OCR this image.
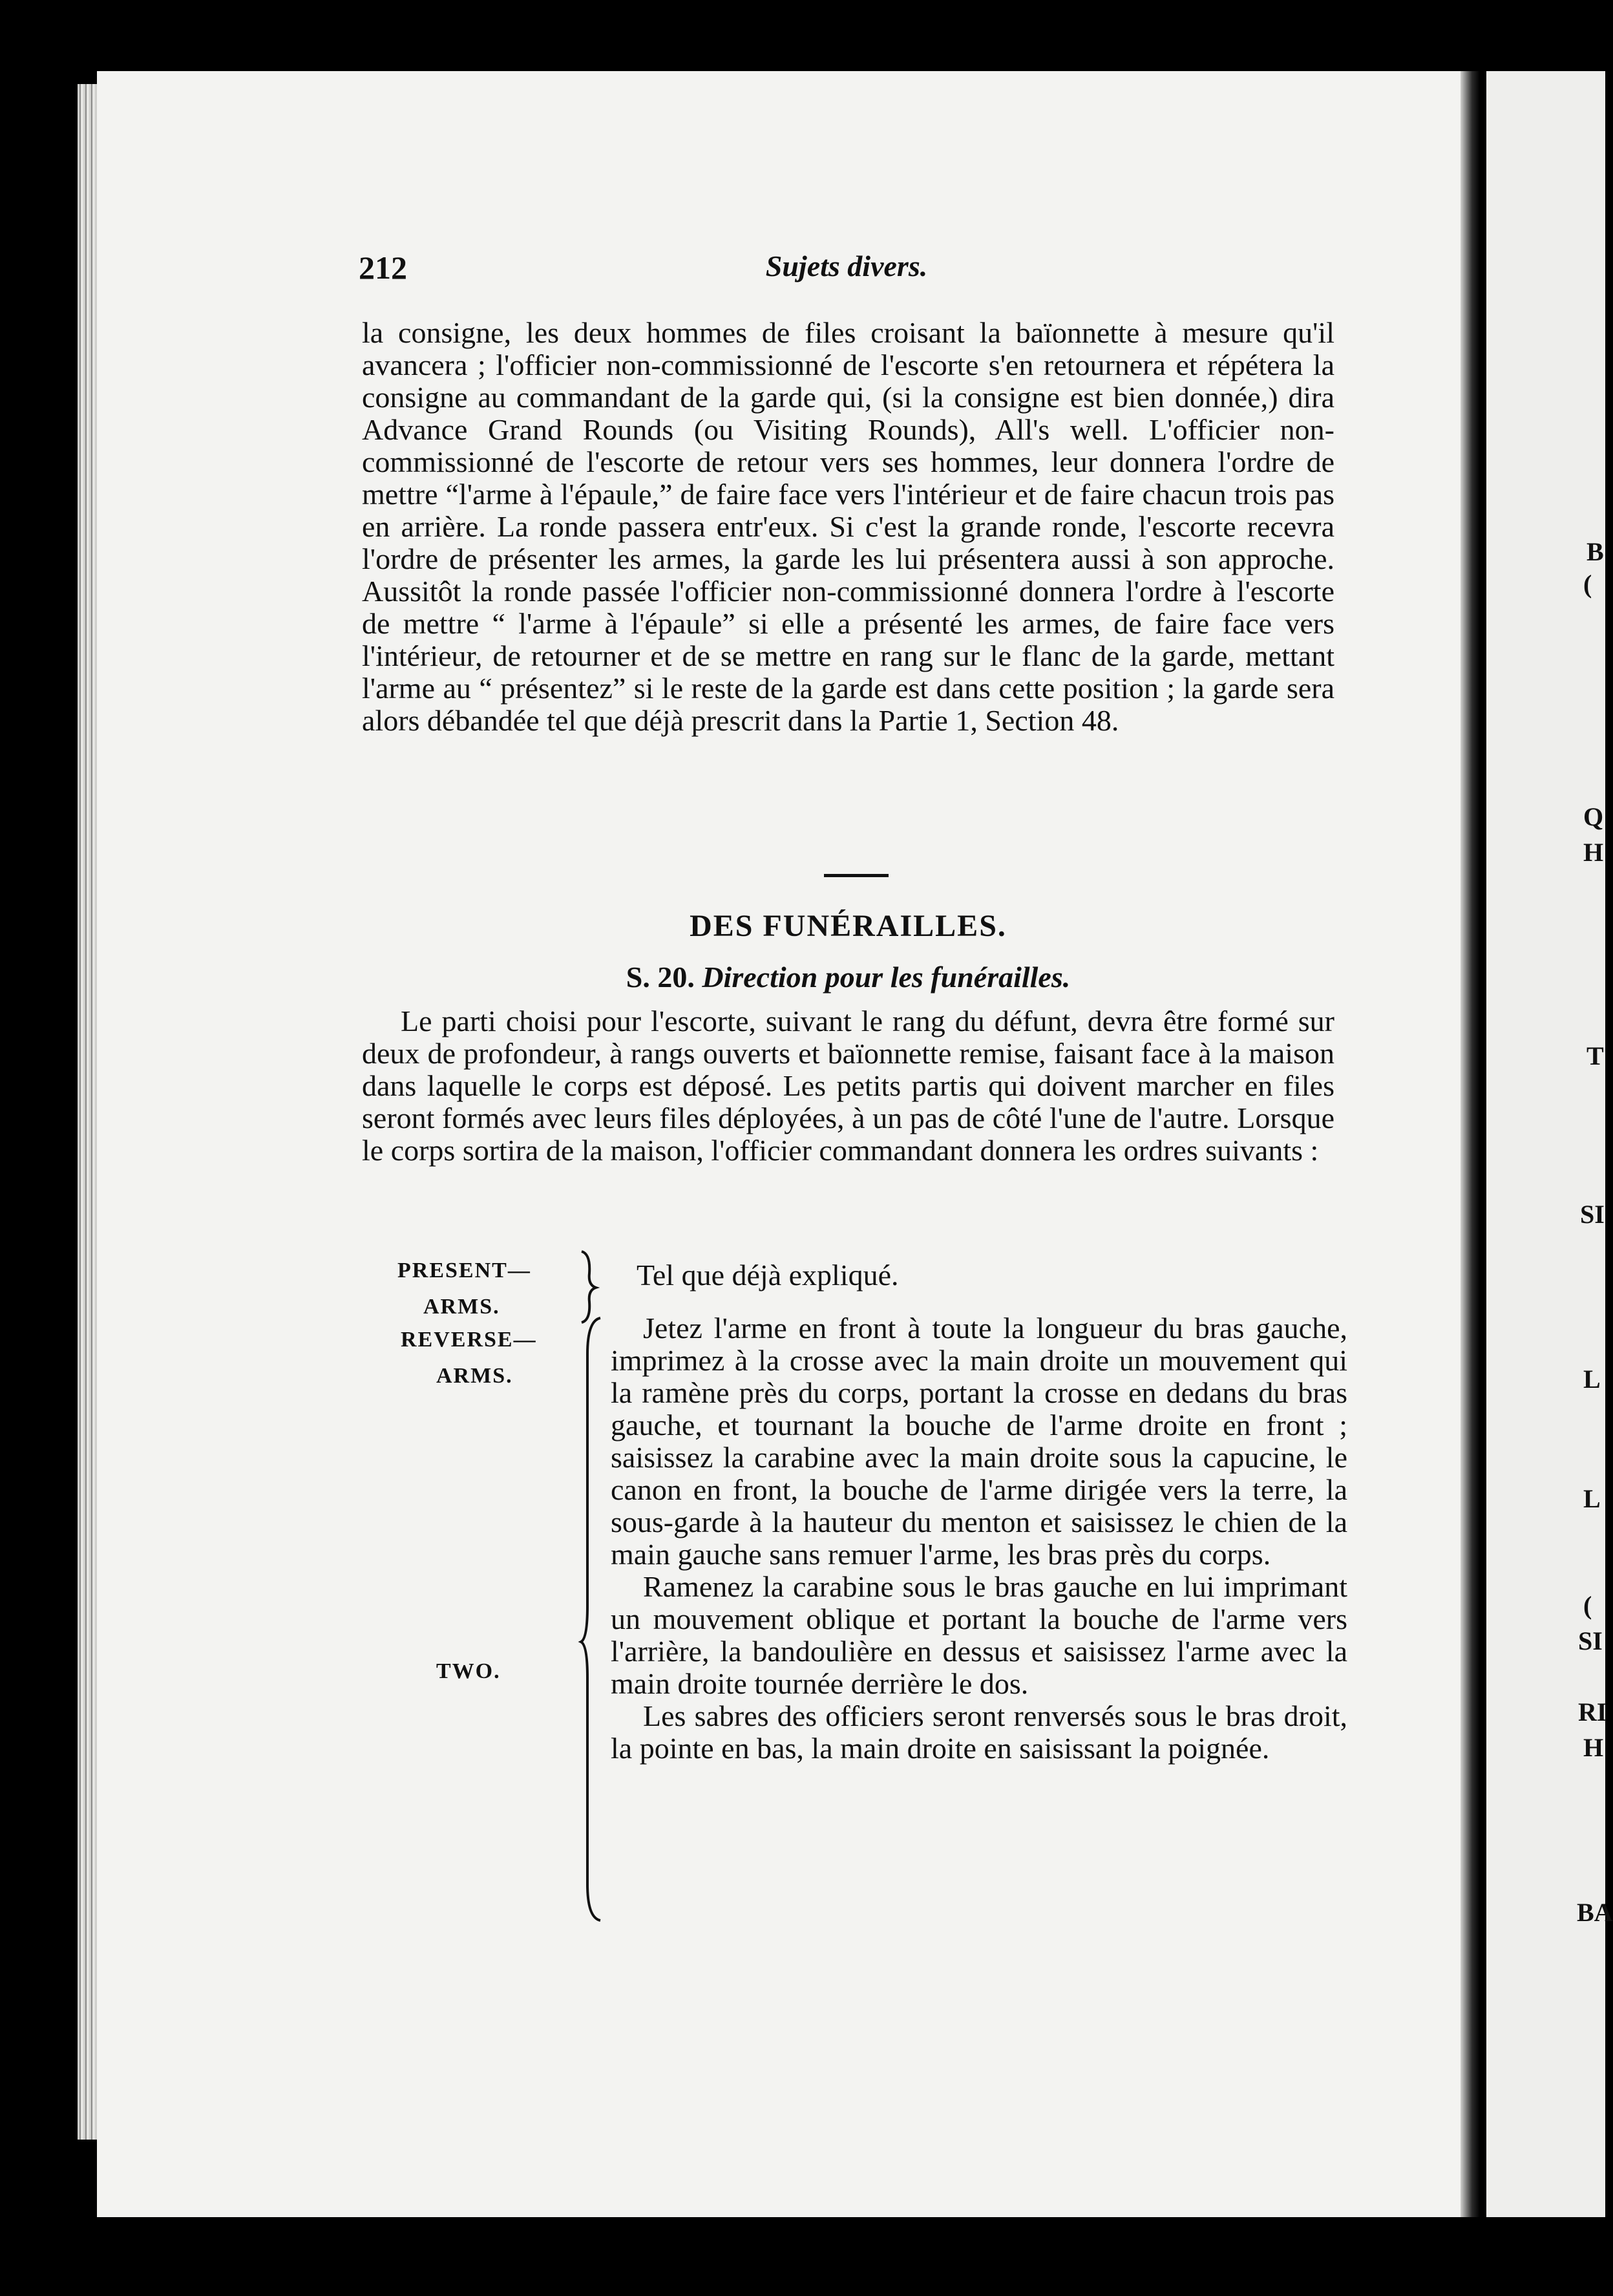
B
(
Q
H
T
SI
L
L
(
SI
RI
H
BA
212	Sujets divers.
la consigne, les deux hommes de files croisant la baïonnette à mesure qu'il avancera ; l'officier non-commissionné de l'escorte s'en retournera et répétera la consigne au commandant de la garde qui, (si la consigne est bien donnée,) dira Advance Grand Rounds (ou Visiting Rounds), All's well. L'officier non-commissionné de l'escorte de retour vers ses hommes, leur donnera l'ordre de mettre “l'arme à l'épaule,” de faire face vers l'intérieur et de faire chacun trois pas en arrière. La ronde passera entr'eux. Si c'est la grande ronde, l'escorte recevra l'ordre de présenter les armes, la garde les lui présentera aussi à son approche. Aussitôt la ronde passée l'officier non-commissionné donnera l'ordre à l'escorte de mettre “ l'arme à l'épaule” si elle a présenté les armes, de faire face vers l'intérieur, de retourner et de se mettre en rang sur le flanc de la garde, mettant l'arme au “ présentez” si le reste de la garde est dans cette position ; la garde sera alors débandée tel que déjà prescrit dans la Partie 1, Section 48.
DES FUNÉRAILLES.
S. 20. Direction pour les funérailles.
Le parti choisi pour l'escorte, suivant le rang du défunt, devra être formé sur deux de profondeur, à rangs ouverts et baïonnette remise, faisant face à la maison dans laquelle le corps est déposé. Les petits partis qui doivent marcher en files seront formés avec leurs files déployées, à un pas de côté l'une de l'autre. Lorsque le corps sortira de la maison, l'officier commandant donnera les ordres suivants :
PRESENT—
ARMS.

Tel que déjà expliqué.

REVERSE—
ARMS.
TWO.

Jetez l'arme en front à toute la longueur du bras gauche, imprimez à la crosse avec la main droite un mouvement qui la ramène près du corps, portant la crosse en dedans du bras gauche, et tournant la bouche de l'arme droite en front ; saisissez la carabine avec la main droite sous la capucine, le canon en front, la bouche de l'arme dirigée vers la terre, la sous-garde à la hauteur du menton et saisissez le chien de la main gauche sans remuer l'arme, les bras près du corps.

Ramenez la carabine sous le bras gauche en lui imprimant un mouvement oblique et portant la bouche de l'arme vers l'arrière, la bandoulière en dessus et saisissez l'arme avec la main droite tournée derrière le dos.

Les sabres des officiers seront renversés sous le bras droit, la pointe en bas, la main droite en saisissant la poignée.
